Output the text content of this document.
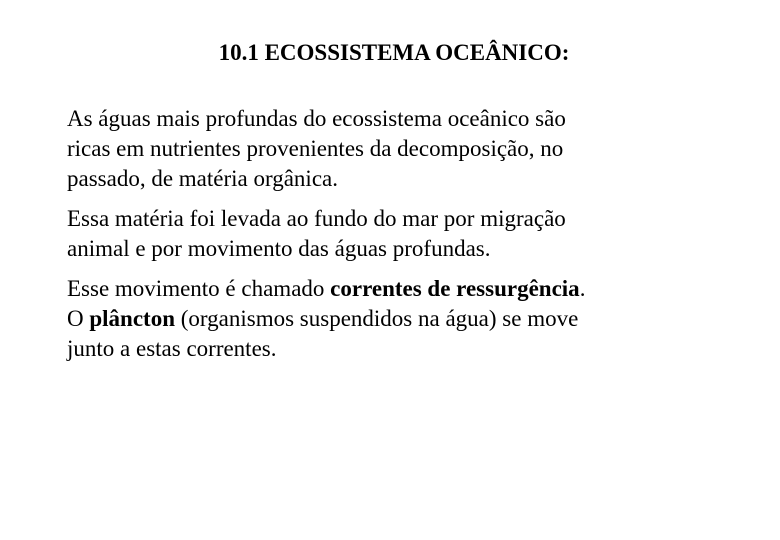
10.1 ECOSSISTEMA OCEÂNICO:

As águas mais profundas do ecossistema oceânico são
ricas em nutrientes provenientes da decomposição, no
passado, de matéria orgânica.

Essa matéria foi levada ao fundo do mar por migração
animal e por movimento das águas profundas.

Esse movimento é chamado correntes de ressurgência.
O plâncton (organismos suspendidos na água) se move
junto a estas correntes.
